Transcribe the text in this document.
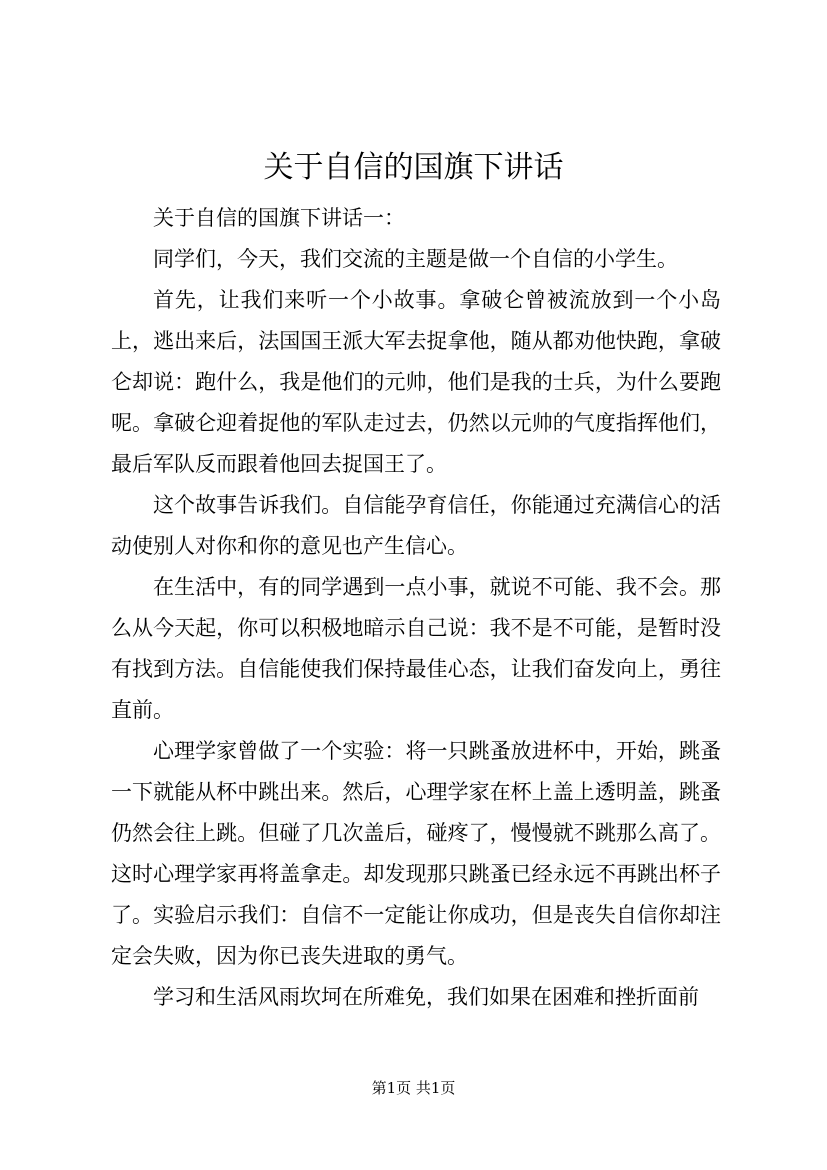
关于自信的国旗下讲话

关于自信的国旗下讲话一：

同学们，今天，我们交流的主题是做一个自信的小学生。

首先，让我们来听一个小故事。拿破仑曾被流放到一个小岛上，逃出来后，法国国王派大军去捉拿他，随从都劝他快跑，拿破仑却说：跑什么，我是他们的元帅，他们是我的士兵，为什么要跑呢。拿破仑迎着捉他的军队走过去，仍然以元帅的气度指挥他们，最后军队反而跟着他回去捉国王了。

这个故事告诉我们。自信能孕育信任，你能通过充满信心的活动使别人对你和你的意见也产生信心。

在生活中，有的同学遇到一点小事，就说不可能、我不会。那么从今天起，你可以积极地暗示自己说：我不是不可能，是暂时没有找到方法。自信能使我们保持最佳心态，让我们奋发向上，勇往直前。

心理学家曾做了一个实验：将一只跳蚤放进杯中，开始，跳蚤一下就能从杯中跳出来。然后，心理学家在杯上盖上透明盖，跳蚤仍然会往上跳。但碰了几次盖后，碰疼了，慢慢就不跳那么高了。这时心理学家再将盖拿走。却发现那只跳蚤已经永远不再跳出杯子了。实验启示我们：自信不一定能让你成功，但是丧失自信你却注定会失败，因为你已丧失进取的勇气。

学习和生活风雨坎坷在所难免，我们如果在困难和挫折面前

第1页 共1页
